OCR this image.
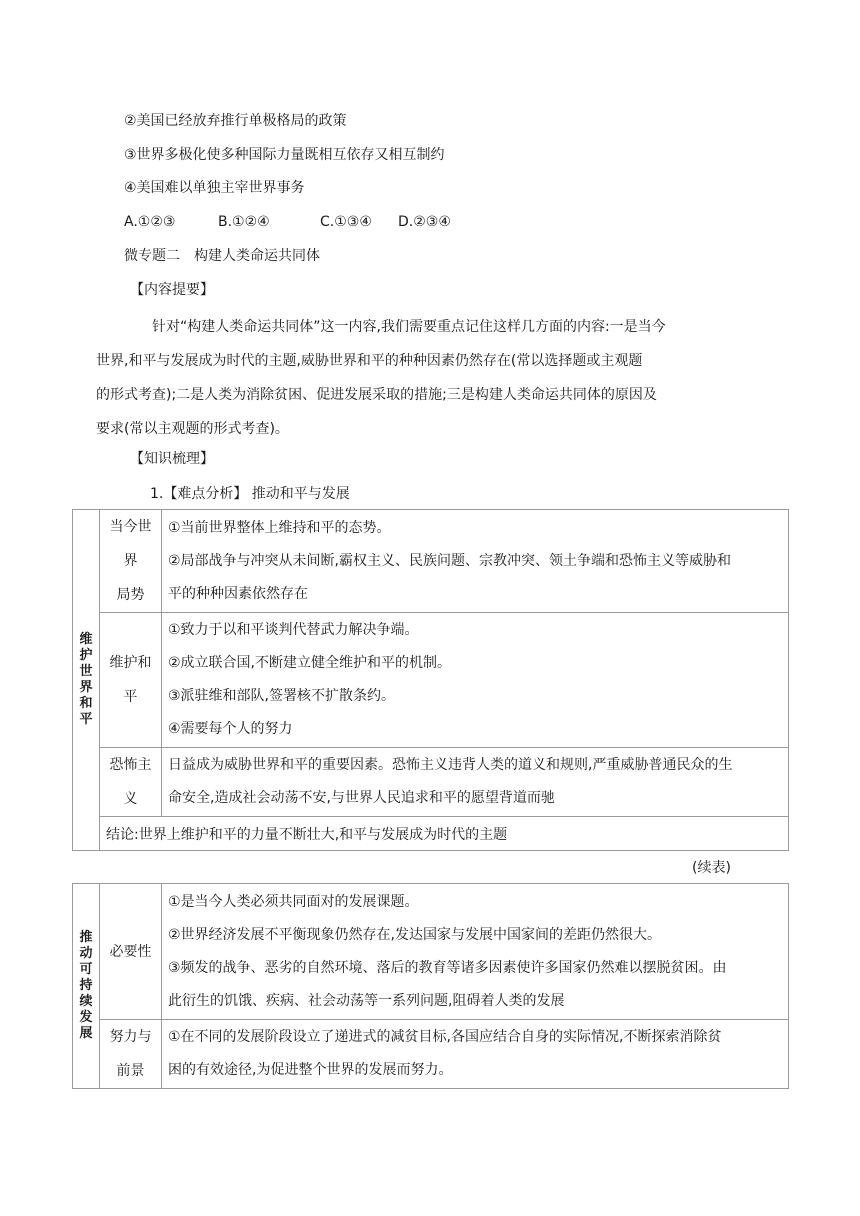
②美国已经放弃推行单极格局的政策
③世界多极化使多种国际力量既相互依存又相互制约
④美国难以单独主宰世界事务
A.①②③	B.①②④	C.①③④ D.②③④
微专题二　构建人类命运共同体
【内容提要】
针对“构建人类命运共同体”这一内容,我们需要重点记住这样几方面的内容:一是当今
世界,和平与发展成为时代的主题,威胁世界和平的种种因素仍然存在(常以选择题或主观题
的形式考查);二是人类为消除贫困、促进发展采取的措施;三是构建人类命运共同体的原因及
要求(常以主观题的形式考查)。
【知识梳理】
1.【难点分析】 推动和平与发展
维护世界和平	当今世界
局势	①当前世界整体上维持和平的态势。
②局部战争与冲突从未间断,霸权主义、民族问题、宗教冲突、领土争端和恐怖主义等威胁和
平的种种因素依然存在

	维护和平	①致力于以和平谈判代替武力解决争端。
②成立联合国,不断建立健全维护和平的机制。
③派驻维和部队,签署核不扩散条约。
④需要每个人的努力

	恐怖主义	日益成为威胁世界和平的重要因素。恐怖主义违背人类的道义和规则,严重威胁普通民众的生
命安全,造成社会动荡不安,与世界人民追求和平的愿望背道而驰

	结论:世界上维护和平的力量不断壮大,和平与发展成为时代的主题	
(续表)
推动可持续发展	必要性	①是当今人类必须共同面对的发展课题。
②世界经济发展不平衡现象仍然存在,发达国家与发展中国家间的差距仍然很大。
③频发的战争、恶劣的自然环境、落后的教育等诸多因素使许多国家仍然难以摆脱贫困。由
此衍生的饥饿、疾病、社会动荡等一系列问题,阻碍着人类的发展

	努力与
前景	①在不同的发展阶段设立了递进式的减贫目标,各国应结合自身的实际情况,不断探索消除贫
困的有效途径,为促进整个世界的发展而努力。
